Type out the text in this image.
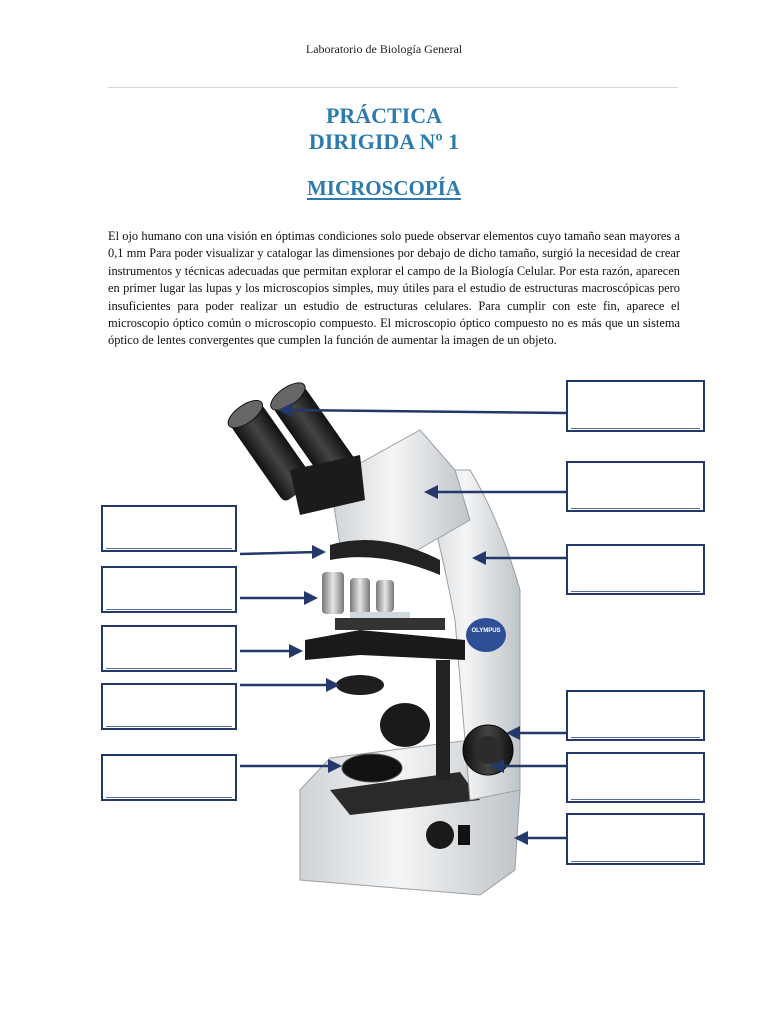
Laboratorio de Biología General
PRÁCTICA
DIRIGIDA Nº 1
MICROSCOPÍA
El ojo humano con una visión en óptimas condiciones solo puede observar elementos cuyo tamaño sean mayores a 0,1 mm Para poder visualizar y catalogar las dimensiones por debajo de dicho tamaño, surgió la necesidad de crear instrumentos y técnicas adecuadas que permitan explorar el campo de la Biología Celular. Por esta razón, aparecen en primer lugar las lupas y los microscopios simples, muy útiles para el estudio de estructuras macroscópicas pero insuficientes para poder realizar un estudio de estructuras celulares. Para cumplir con este fin, aparece el microscopio óptico común o microscopio compuesto. El microscopio óptico compuesto no es más que un sistema óptico de lentes convergentes que cumplen la función de aumentar la imagen de un objeto.
OLYMPUS
